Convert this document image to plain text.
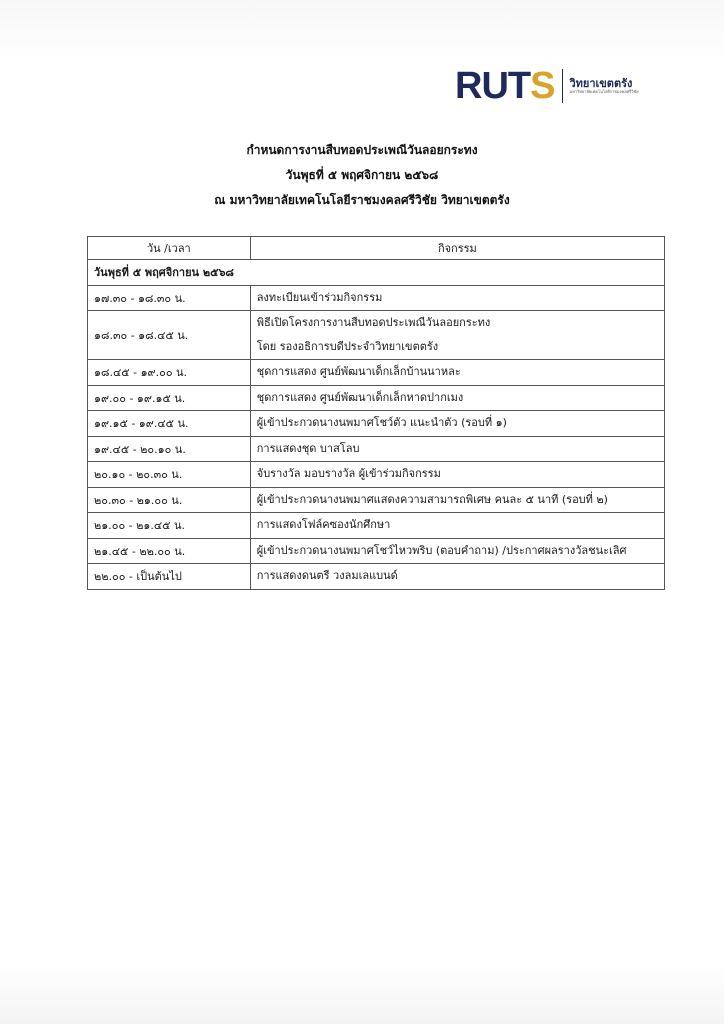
RUTS วิทยาเขตตรัง
มหาวิทยาลัยเทคโนโลยีราชมงคลศรีวิชัย
กำหนดการงานสืบทอดประเพณีวันลอยกระทง
วันพุธที่ ๕ พฤศจิกายน ๒๕๖๘
ณ มหาวิทยาลัยเทคโนโลยีราชมงคลศรีวิชัย วิทยาเขตตรัง
วัน /เวลา	กิจกรรม
วันพุธที่ ๕ พฤศจิกายน ๒๕๖๘	
๑๗.๓๐ - ๑๘.๓๐ น.	ลงทะเบียนเข้าร่วมกิจกรรม

๑๘.๓๐ - ๑๘.๔๕ น.	พิธีเปิดโครงการงานสืบทอดประเพณีวันลอยกระทง
โดย รองอธิการบดีประจำวิทยาเขตตรัง

๑๘.๔๕ - ๑๙.๐๐ น.	ชุดการแสดง ศูนย์พัฒนาเด็กเล็กบ้านนาหละ

๑๙.๐๐ - ๑๙.๑๕ น.	ชุดการแสดง ศูนย์พัฒนาเด็กเล็กหาดปากเมง

๑๙.๑๕ - ๑๙.๔๕ น.	ผู้เข้าประกวดนางนพมาศโชว์ตัว แนะนำตัว (รอบที่ ๑)

๑๙.๔๕ - ๒๐.๑๐ น.	การแสดงชุด บาสโลบ

๒๐.๑๐ - ๒๐.๓๐ น.	จับรางวัล มอบรางวัล ผู้เข้าร่วมกิจกรรม

๒๐.๓๐ - ๒๑.๐๐ น.	ผู้เข้าประกวดนางนพมาศแสดงความสามารถพิเศษ คนละ ๕ นาที (รอบที่ ๒)

๒๑.๐๐ - ๒๑.๔๕ น.	การแสดงโฟล์คซองนักศึกษา

๒๑.๔๕ - ๒๒.๐๐ น.	ผู้เข้าประกวดนางนพมาศโชว์ไหวพริบ (ตอบคำถาม) /ประกาศผลรางวัลชนะเลิศ

๒๒.๐๐ - เป็นต้นไป	การแสดงดนตรี วงลมเลแบนด์
